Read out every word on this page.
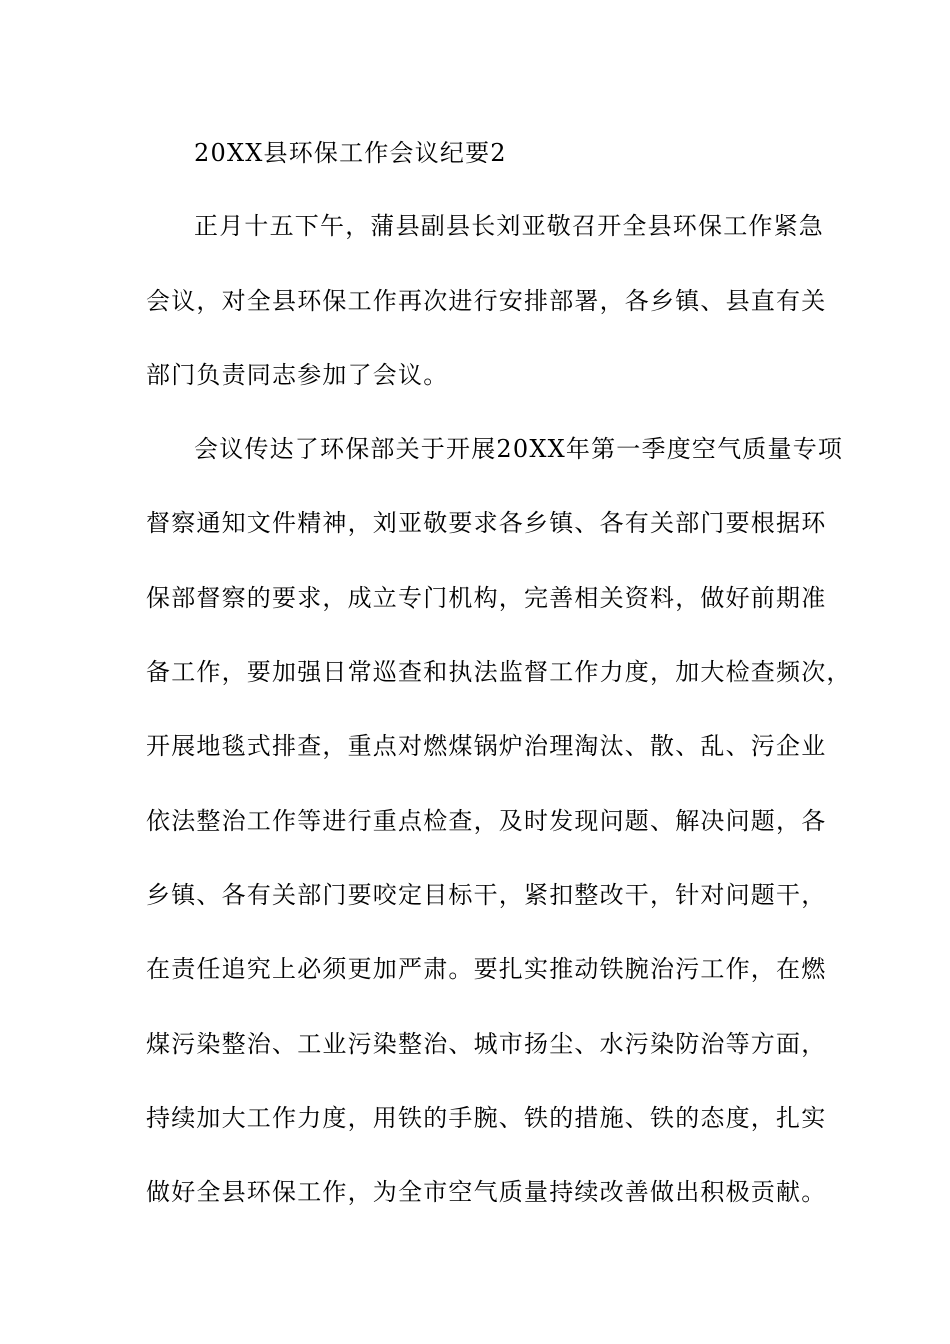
20XX县环保工作会议纪要2
正月十五下午，蒲县副县长刘亚敬召开全县环保工作紧急
会议，对全县环保工作再次进行安排部署，各乡镇、县直有关
部门负责同志参加了会议。
会议传达了环保部关于开展20XX年第一季度空气质量专项
督察通知文件精神，刘亚敬要求各乡镇、各有关部门要根据环
保部督察的要求，成立专门机构，完善相关资料，做好前期准
备工作，要加强日常巡查和执法监督工作力度，加大检查频次，
开展地毯式排查，重点对燃煤锅炉治理淘汰、散、乱、污企业
依法整治工作等进行重点检查，及时发现问题、解决问题，各
乡镇、各有关部门要咬定目标干，紧扣整改干，针对问题干，
在责任追究上必须更加严肃。要扎实推动铁腕治污工作，在燃
煤污染整治、工业污染整治、城市扬尘、水污染防治等方面，
持续加大工作力度，用铁的手腕、铁的措施、铁的态度，扎实
做好全县环保工作，为全市空气质量持续改善做出积极贡献。
